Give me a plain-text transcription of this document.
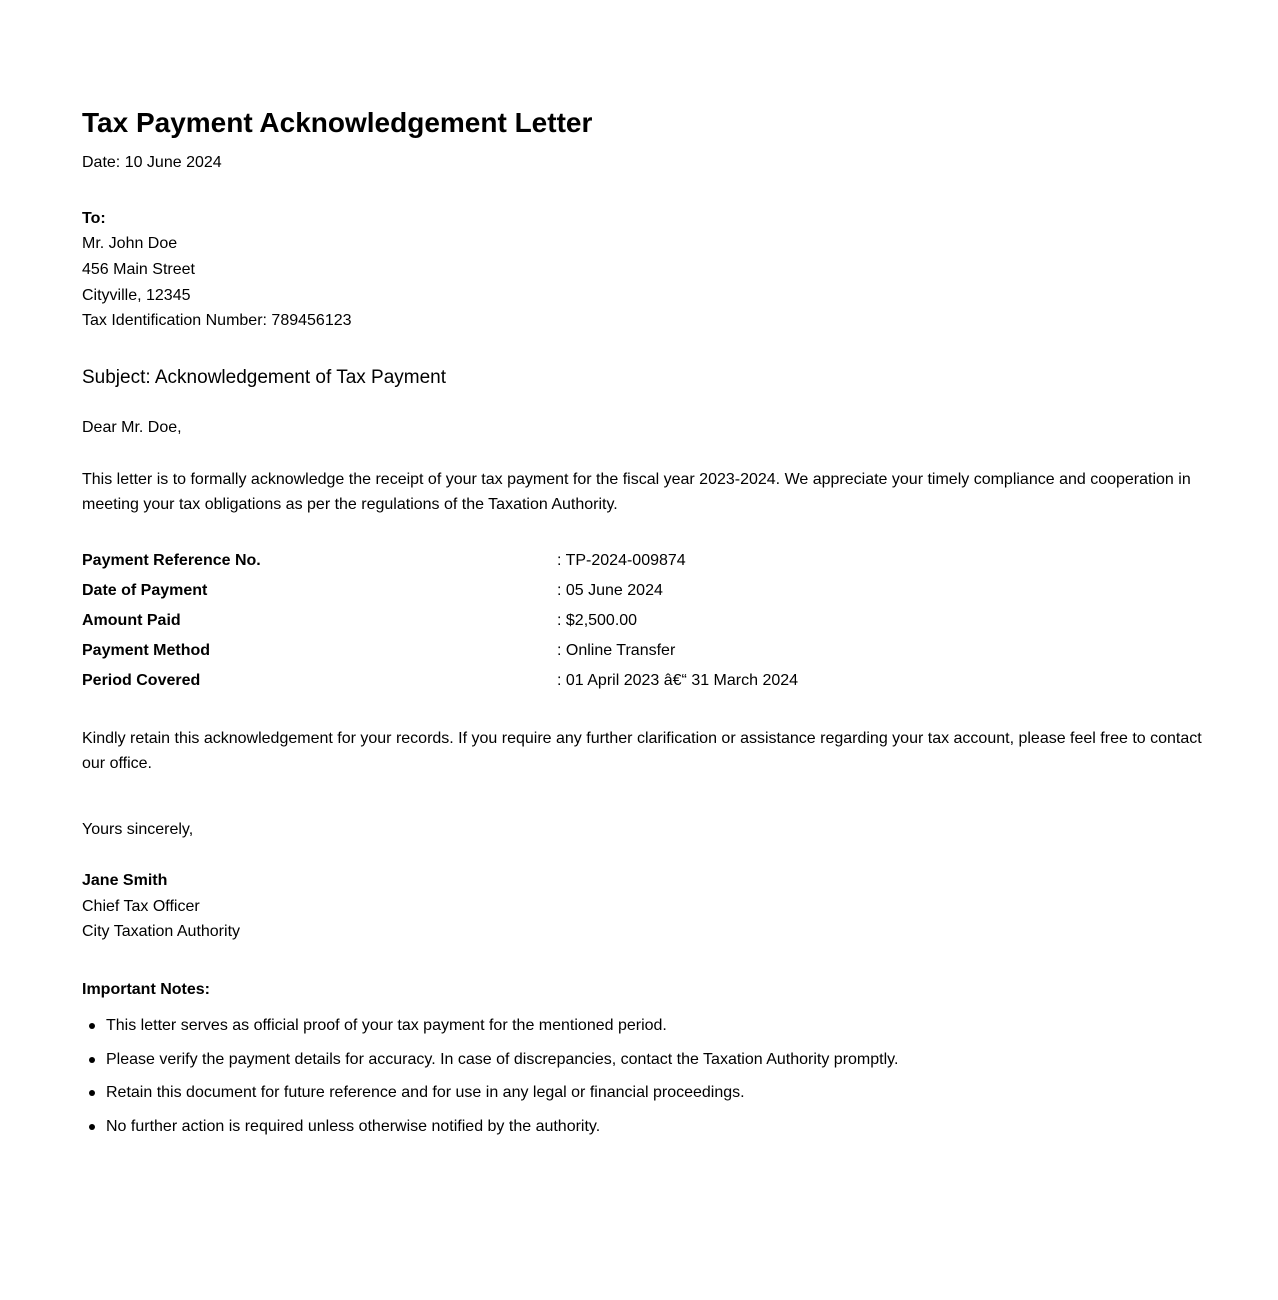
Tax Payment Acknowledgement Letter

Date: 10 June 2024

To:

Mr. John Doe

456 Main Street

Cityville, 12345

Tax Identification Number: 789456123

Subject: Acknowledgement of Tax Payment

Dear Mr. Doe,

This letter is to formally acknowledge the receipt of your tax payment for the fiscal year 2023-2024. We appreciate your timely compliance and cooperation in meeting your tax obligations as per the regulations of the Taxation Authority.

Payment Reference No.	: TP-2024-009874
Date of Payment	: 05 June 2024
Amount Paid	: $2,500.00
Payment Method	: Online Transfer
Period Covered	: 01 April 2023 â€“ 31 March 2024

Kindly retain this acknowledgement for your records. If you require any further clarification or assistance regarding your tax account, please feel free to contact our office.

Yours sincerely,

Jane Smith

Chief Tax Officer

City Taxation Authority

Important Notes:

This letter serves as official proof of your tax payment for the mentioned period.
Please verify the payment details for accuracy. In case of discrepancies, contact the Taxation Authority promptly.
Retain this document for future reference and for use in any legal or financial proceedings.
No further action is required unless otherwise notified by the authority.
